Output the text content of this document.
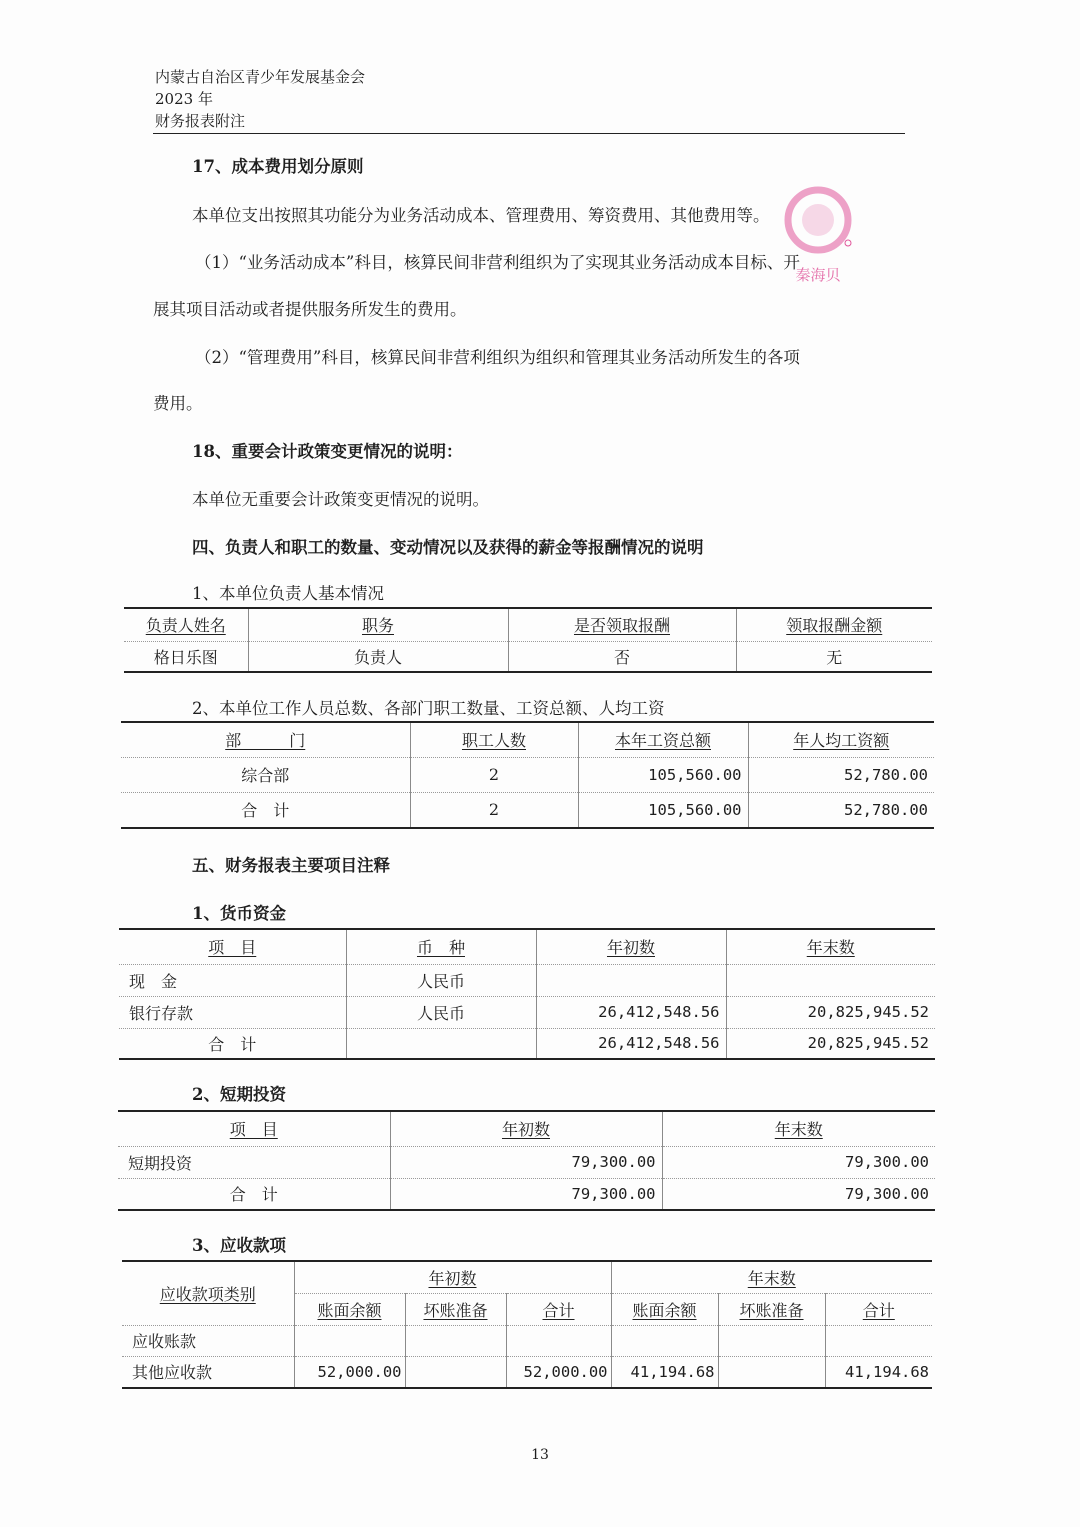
内蒙古自治区青少年发展基金会
2023 年
财务报表附注
17、成本费用划分原则
本单位支出按照其功能分为业务活动成本、管理费用、筹资费用、其他费用等。
（1）“业务活动成本”科目，核算民间非营利组织为了实现其业务活动成本目标、开
展其项目活动或者提供服务所发生的费用。
（2）“管理费用”科目，核算民间非营利组织为组织和管理其业务活动所发生的各项
费用。
秦海贝
18、重要会计政策变更情况的说明：
本单位无重要会计政策变更情况的说明。
四、负责人和职工的数量、变动情况以及获得的薪金等报酬情况的说明
1、本单位负责人基本情况
负责人姓名	职务	是否领取报酬	领取报酬金额
格日乐图	负责人	否	无
2、本单位工作人员总数、各部门职工数量、工资总额、人均工资
部　　　门	职工人数	本年工资总额	年人均工资额
综合部	2	105,560.00	52,780.00
合　计	2	105,560.00	52,780.00
五、财务报表主要项目注释
1、货币资金
项　目	币　种	年初数	年末数
现　金	人民币		
银行存款	人民币	26,412,548.56	20,825,945.52
合　计		26,412,548.56	20,825,945.52
2、短期投资
项　目	年初数	年末数
短期投资	79,300.00	79,300.00
合　计	79,300.00	79,300.00
3、应收款项
应收款项类别	年初数			年末数		
	账面余额	坏账准备	合计	账面余额	坏账准备	合计
应收账款						
其他应收款	52,000.00		52,000.00	41,194.68		41,194.68
13
